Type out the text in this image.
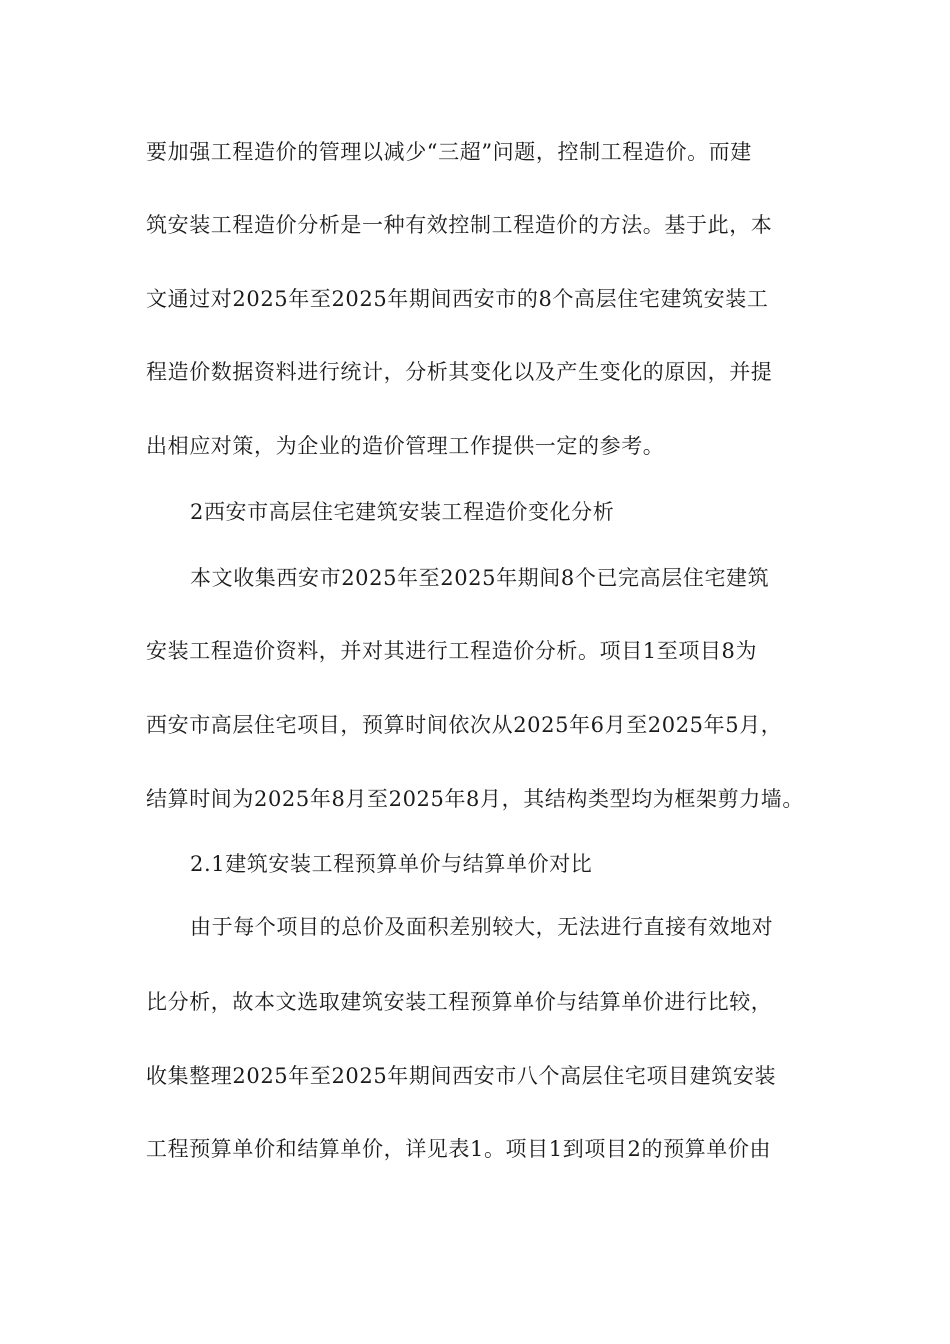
要加强工程造价的管理以减少“三超”问题，控制工程造价。而建
筑安装工程造价分析是一种有效控制工程造价的方法。基于此，本
文通过对2025年至2025年期间西安市的8个高层住宅建筑安装工
程造价数据资料进行统计，分析其变化以及产生变化的原因，并提
出相应对策，为企业的造价管理工作提供一定的参考。
2西安市高层住宅建筑安装工程造价变化分析
本文收集西安市2025年至2025年期间8个已完高层住宅建筑
安装工程造价资料，并对其进行工程造价分析。项目1至项目8为
西安市高层住宅项目，预算时间依次从2025年6月至2025年5月，
结算时间为2025年8月至2025年8月，其结构类型均为框架剪力墙。
2.1建筑安装工程预算单价与结算单价对比
由于每个项目的总价及面积差别较大，无法进行直接有效地对
比分析，故本文选取建筑安装工程预算单价与结算单价进行比较，
收集整理2025年至2025年期间西安市八个高层住宅项目建筑安装
工程预算单价和结算单价，详见表1。项目1到项目2的预算单价由
